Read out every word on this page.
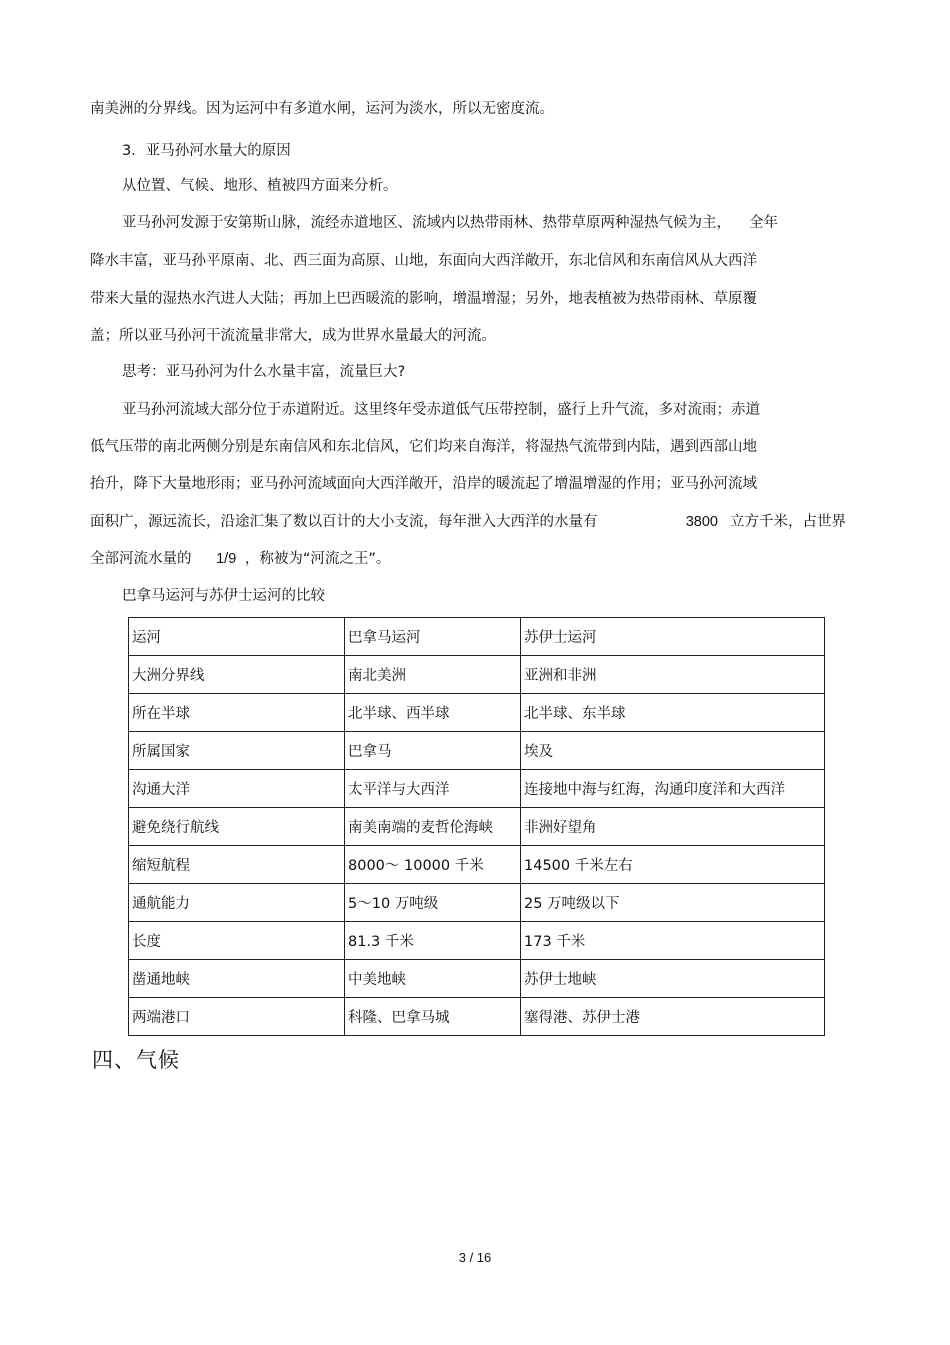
南美洲的分界线。因为运河中有多道水闸，运河为淡水，所以无密度流。
3．亚马孙河水量大的原因
从位置、气候、地形、植被四方面来分析。
亚马孙河发源于安第斯山脉，流经赤道地区、流域内以热带雨林、热带草原两种湿热气候为主， 全年
降水丰富，亚马孙平原南、北、西三面为高原、山地，东面向大西洋敞开，东北信风和东南信风从大西洋
带来大量的湿热水汽进人大陆；再加上巴西暖流的影响，增温增湿；另外，地表植被为热带雨林、草原覆
盖；所以亚马孙河干流流量非常大，成为世界水量最大的河流。
思考：亚马孙河为什么水量丰富，流量巨大?
亚马孙河流域大部分位于赤道附近。这里终年受赤道低气压带控制，盛行上升气流，多对流雨；赤道
低气压带的南北两侧分别是东南信风和东北信风，它们均来自海洋，将湿热气流带到内陆，遇到西部山地
抬升，降下大量地形雨；亚马孙河流域面向大西洋敞开，沿岸的暖流起了增温增湿的作用；亚马孙河流域
面积广，源远流长，沿途汇集了数以百计的大小支流，每年泄入大西洋的水量有	3800 立方千米，占世界
全部河流水量的 1/9 ，称被为“河流之王”。
巴拿马运河与苏伊士运河的比较
运河	巴拿马运河	苏伊士运河
大洲分界线	南北美洲	亚洲和非洲
所在半球	北半球、西半球	北半球、东半球
所属国家	巴拿马	埃及
沟通大洋	太平洋与大西洋	连接地中海与红海，沟通印度洋和大西洋
避免绕行航线	南美南端的麦哲伦海峡	非洲好望角
缩短航程	8000～ 10000 千米	14500 千米左右
通航能力	5～10 万吨级	25 万吨级以下
长度	81.3 千米	173 千米
凿通地峡	中美地峡	苏伊士地峡
两端港口	科隆、巴拿马城	塞得港、苏伊士港
四、气候
3 / 16
